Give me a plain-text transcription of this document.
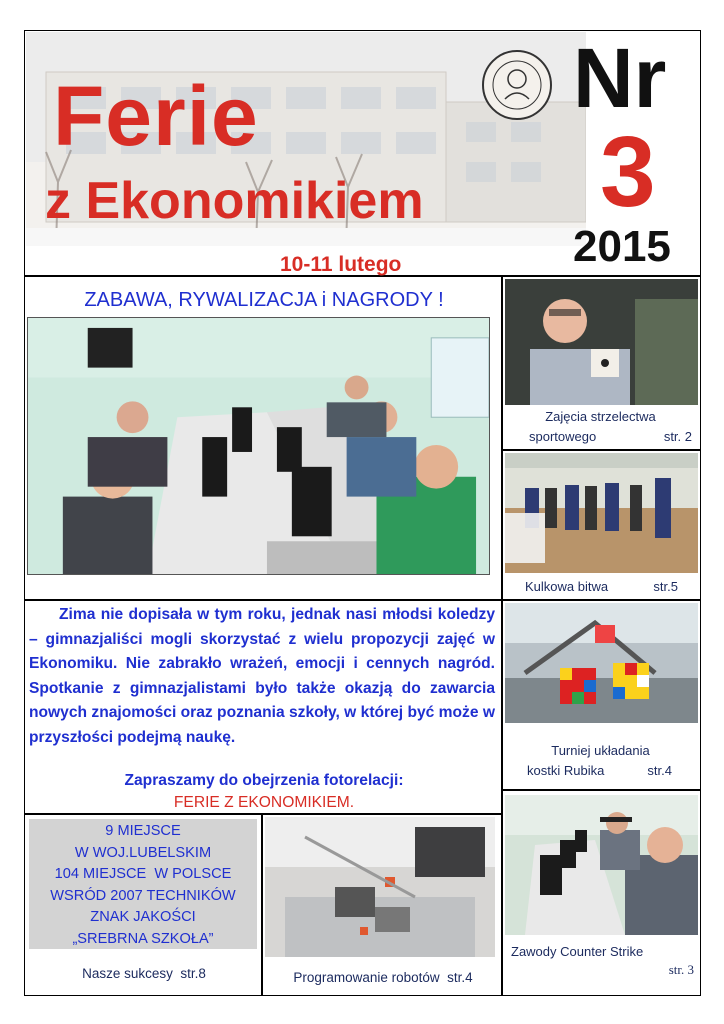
Ferie
z Ekonomikiem
Nr
3
2015
10-11 lutego
ZABAWA, RYWALIZACJA i NAGRODY !
Zima nie dopisała w tym roku, jednak nasi młodsi koledzy – gimnazjaliści mogli skorzystać z wielu propozycji zajęć w Ekonomiku. Nie zabrakło wrażeń, emocji i cennych nagród. Spotkanie z gimnazjalistami było także okazją do zawarcia nowych znajomości oraz poznania szkoły, w której być może w przyszłości podejmą naukę.
Zapraszamy do obejrzenia fotorelacji:
FERIE Z EKONOMIKIEM.
9 MIEJSCE
W WOJ.LUBELSKIM
104 MIEJSCE  W POLSCE
WSRÓD 2007 TECHNIKÓW
ZNAK JAKOŚCI
„SREBRNA SZKOŁA”
Nasze sukcesy str.8	Programowanie robotów str.4
Zajęcia strzelectwa
sportowego	str. 2
Kulkowa bitwa	str.5
Turniej układania
kostki Rubika	str.4
Zawody Counter Strike
str. 3
